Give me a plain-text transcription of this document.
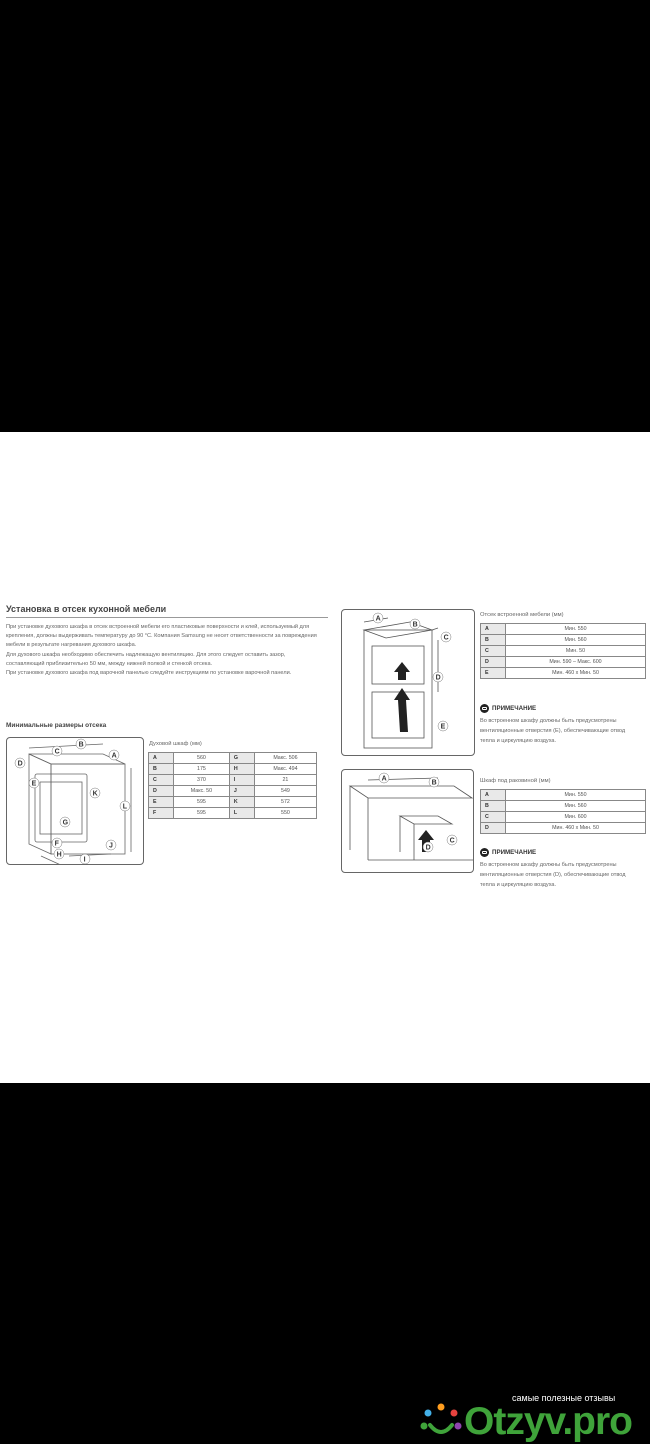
Установка в отсек кухонной мебели

При установке духового шкафа в отсек встроенной мебели его пластиковые поверхности и клей, используемый для крепления, должны выдерживать температуру до 90 °C. Компания Samsung не несет ответственности за повреждения мебели в результате нагревания духового шкафа.

Для духового шкафа необходимо обеспечить надлежащую вентиляцию. Для этого следует оставить зазор, составляющий приблизительно 50 мм, между нижней полкой и стенкой отсека.

При установке духового шкафа под варочной панелью следуйте инструкциям по установке варочной панели.

Минимальные размеры отсека
B
A
C
D
E
F
G
H
I
J
K
L
Духовой шкаф (мм)
A	560	G	Макс. 506
B	175	H	Макс. 494
C	370	I	21
D	Макс. 50	J	549
E	595	K	572
F	595	L	550
A
B
C
D
E
Отсек встроенной мебели (мм)
A	Мин. 550
B	Мин. 560
C	Мин. 50
D	Мин. 590 – Макс. 600
E	Мин. 460 x Мин. 50
ПРИМЕЧАНИЕ
Во встроенном шкафу должны быть предусмотрены вентиляционные отверстия (E), обеспечивающие отвод тепла и циркуляцию воздуха.
A
B
C
D
Шкаф под раковиной (мм)
A	Мин. 550
B	Мин. 560
C	Мин. 600
D	Мин. 460 x Мин. 50
ПРИМЕЧАНИЕ
Во встроенном шкафу должны быть предусмотрены вентиляционные отверстия (D), обеспечивающие отвод тепла и циркуляцию воздуха.
самые полезные отзывы
Otzyv.pro
